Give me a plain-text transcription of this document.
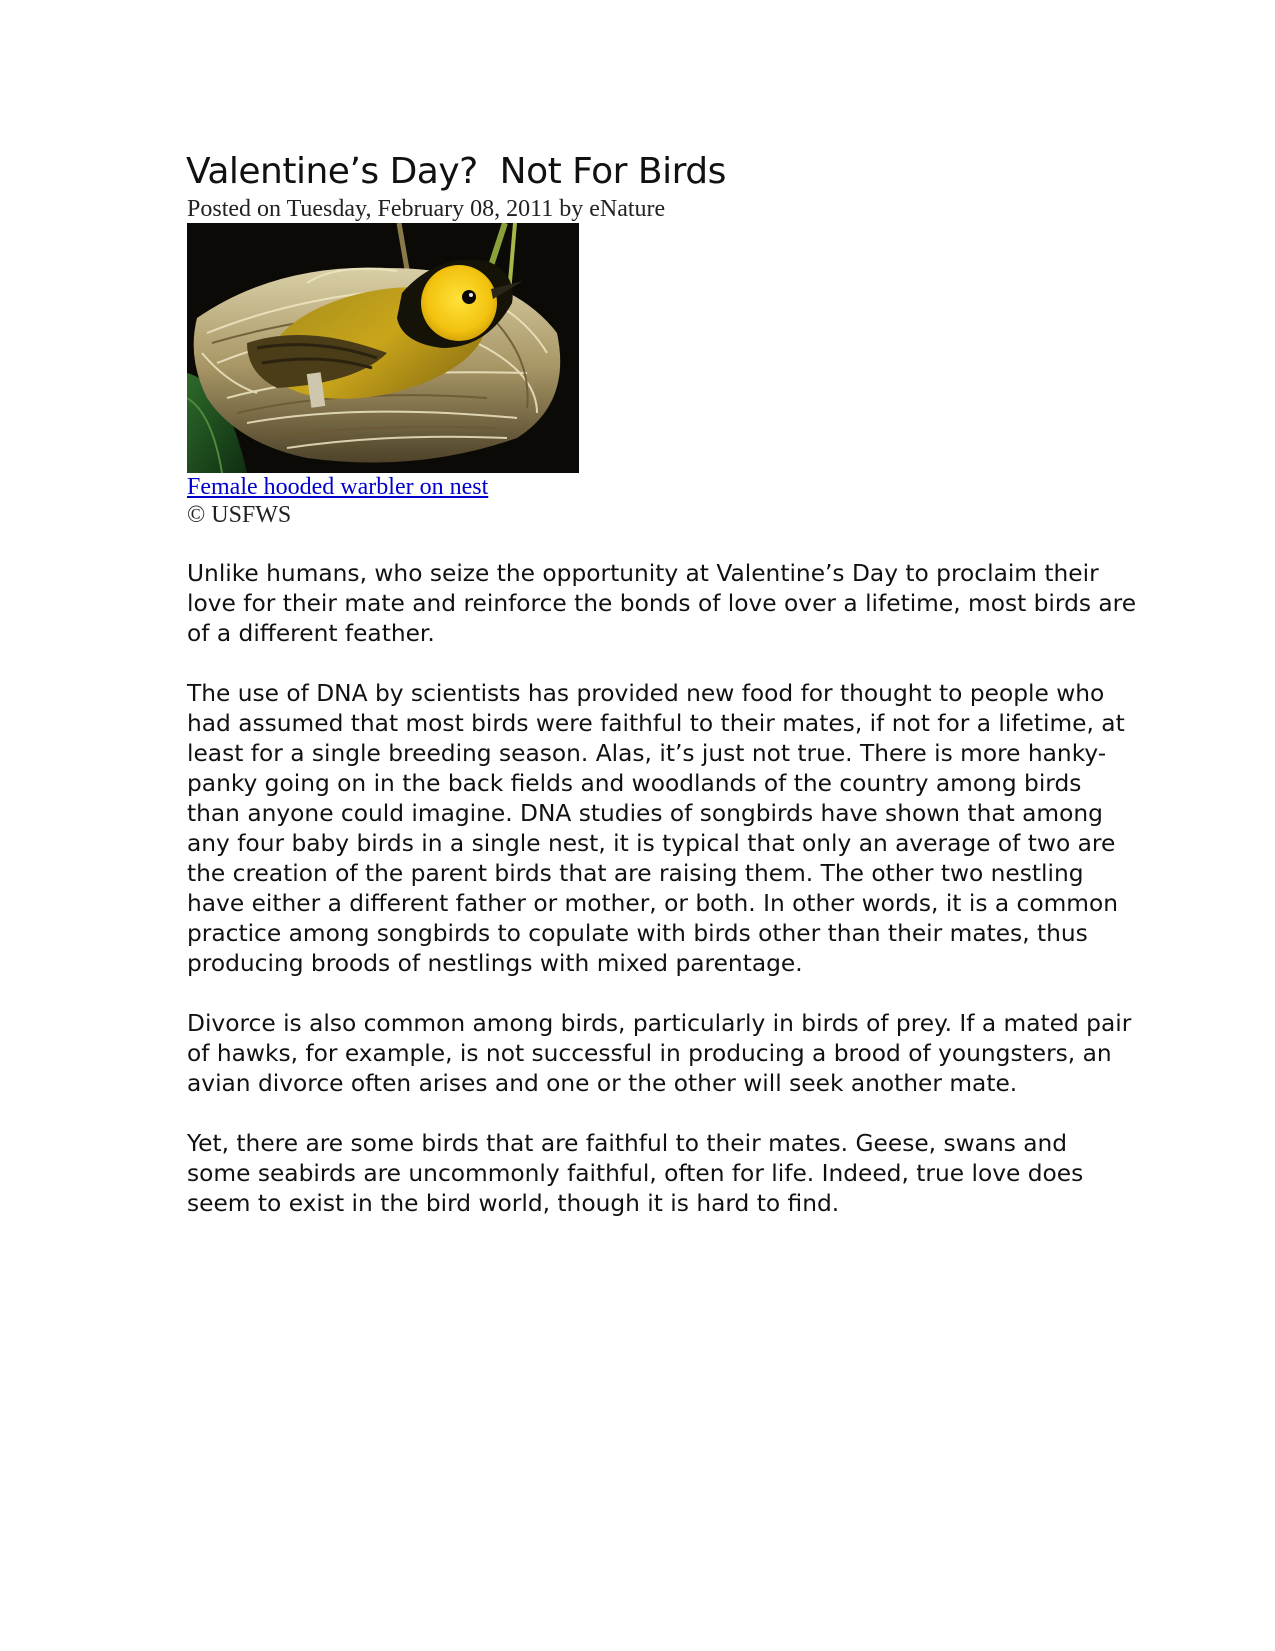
Valentine’s Day?  Not For Birds
Posted on Tuesday, February 08, 2011 by eNature
Female hooded warbler on nest
© USFWS

Unlike humans, who seize the opportunity at Valentine’s Day to proclaim their
love for their mate and reinforce the bonds of love over a lifetime, most birds are
of a different feather.

The use of DNA by scientists has provided new food for thought to people who
had assumed that most birds were faithful to their mates, if not for a lifetime, at
least for a single breeding season. Alas, it’s just not true. There is more hanky-
panky going on in the back fields and woodlands of the country among birds
than anyone could imagine. DNA studies of songbirds have shown that among
any four baby birds in a single nest, it is typical that only an average of two are
the creation of the parent birds that are raising them. The other two nestling
have either a different father or mother, or both. In other words, it is a common
practice among songbirds to copulate with birds other than their mates, thus
producing broods of nestlings with mixed parentage.

Divorce is also common among birds, particularly in birds of prey. If a mated pair
of hawks, for example, is not successful in producing a brood of youngsters, an
avian divorce often arises and one or the other will seek another mate.

Yet, there are some birds that are faithful to their mates. Geese, swans and
some seabirds are uncommonly faithful, often for life. Indeed, true love does
seem to exist in the bird world, though it is hard to find.
